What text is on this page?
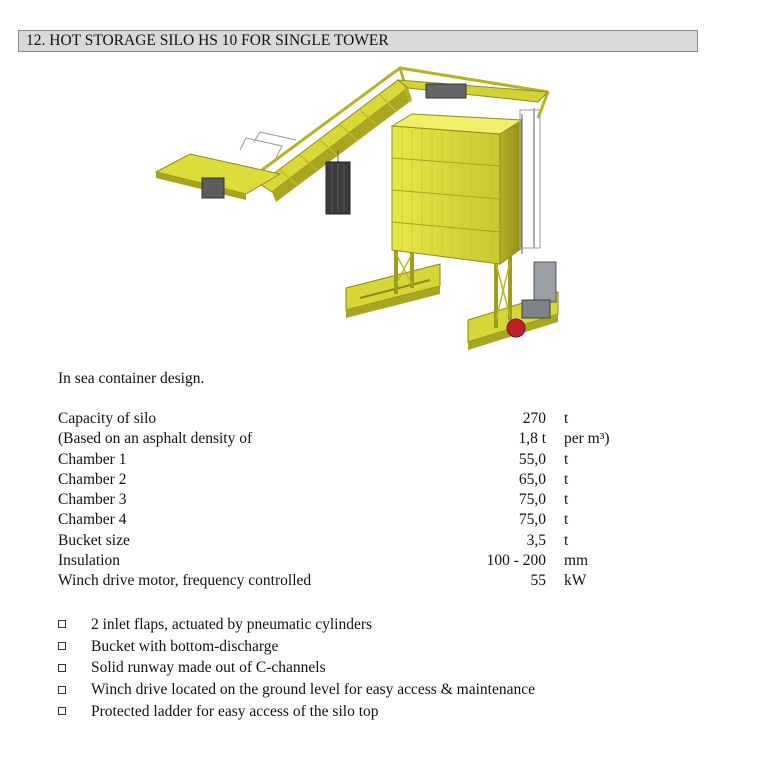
12. HOT STORAGE SILO HS 10 FOR SINGLE TOWER
In sea container design.
Capacity of silo	270	t
(Based on an asphalt density of	1,8 t	per m³)
Chamber 1	55,0	t
Chamber 2	65,0	t
Chamber 3	75,0	t
Chamber 4	75,0	t
Bucket size	3,5	t
Insulation	100 - 200	mm
Winch drive motor, frequency controlled	55	kW
2 inlet flaps, actuated by pneumatic cylinders
Bucket with bottom-discharge
Solid runway made out of C-channels
Winch drive located on the ground level for easy access & maintenance
Protected ladder for easy access of the silo top
